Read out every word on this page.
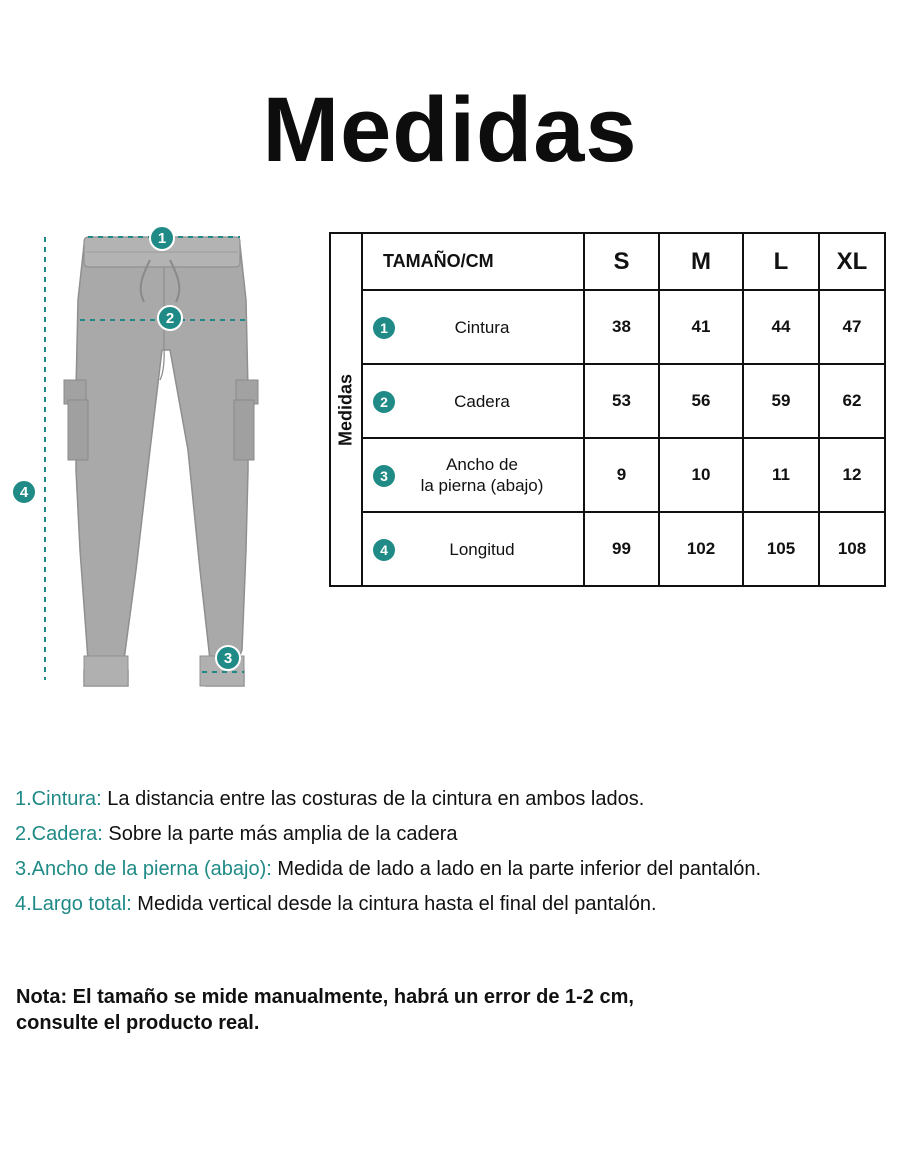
Medidas
1
2
3
4
Medidas	TAMAÑO/CM	S	M	L	XL

	1 Cintura	38	41	44	47

	2 Cadera	53	56	59	62

	3
Ancho de
la pierna (abajo)	9	10	11	12

	4 Longitud	99	102	105	108
1.Cintura: La distancia entre las costuras de la cintura en ambos lados.
2.Cadera: Sobre la parte más amplia de la cadera
3.Ancho de la pierna (abajo): Medida de lado a lado en la parte inferior del pantalón.
4.Largo total: Medida vertical desde la cintura hasta el final del pantalón.
Nota: El tamaño se mide manualmente, habrá un error de 1-2 cm,
consulte el producto real.
